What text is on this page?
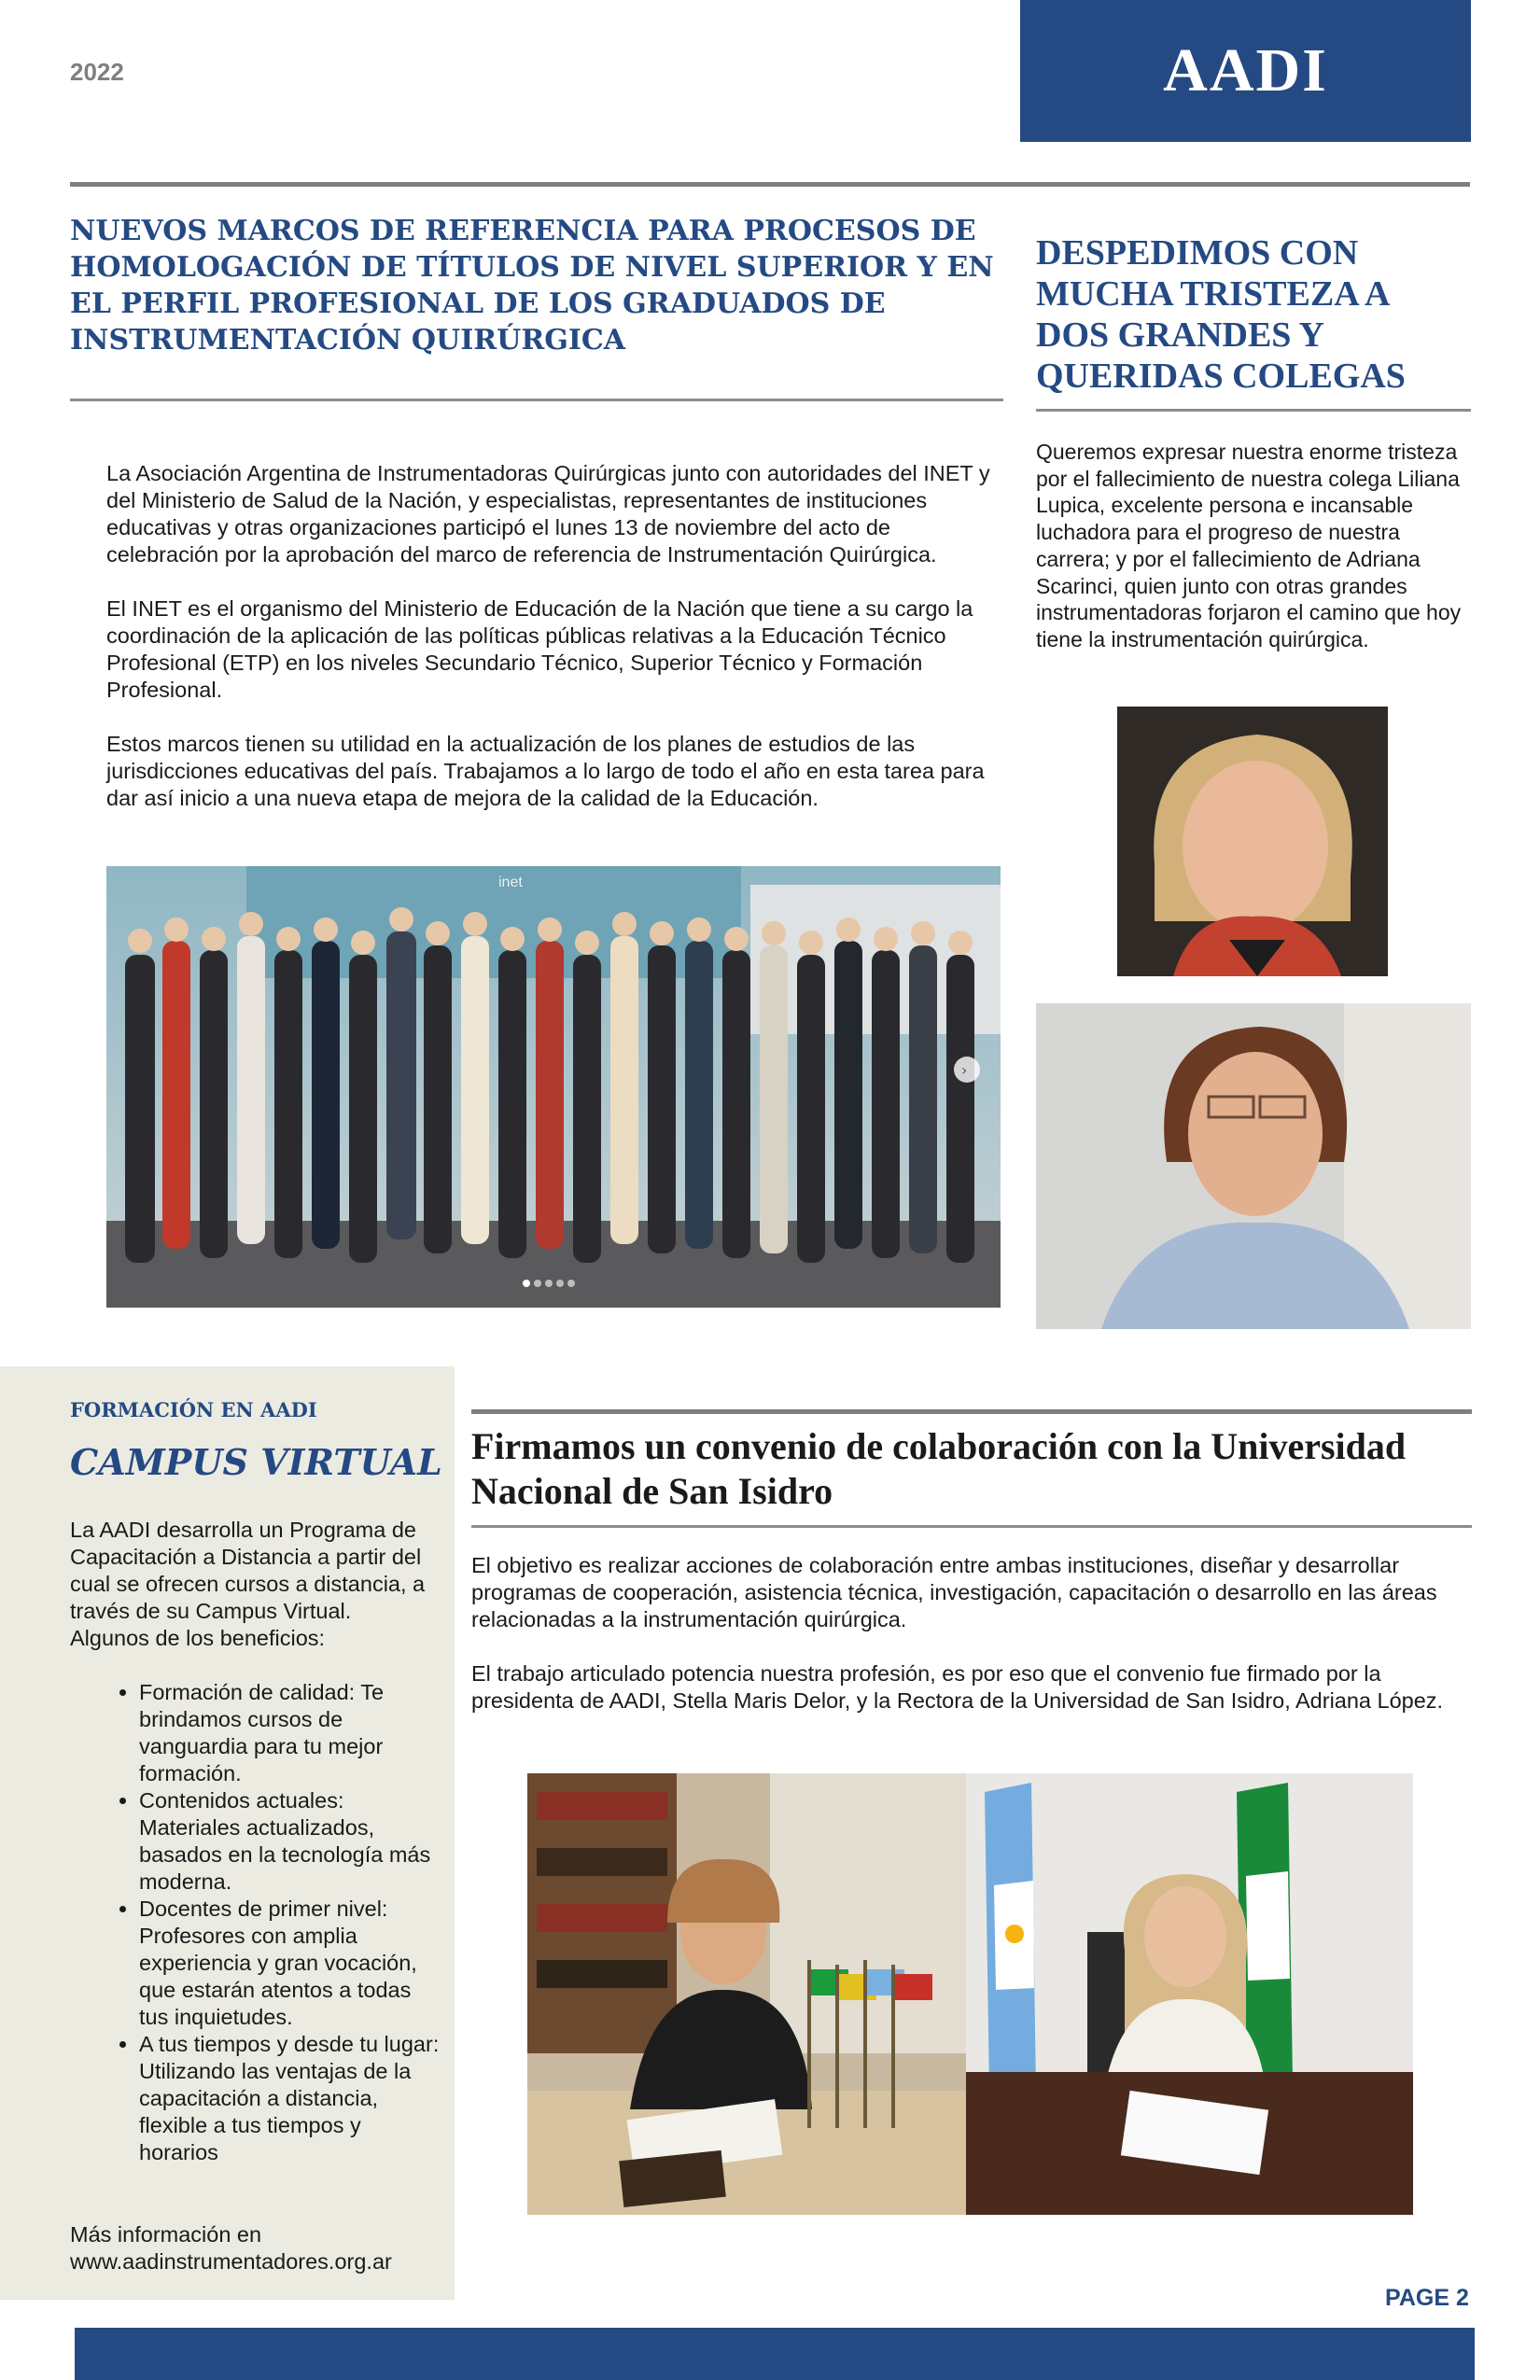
2022	AADI
NUEVOS MARCOS DE REFERENCIA PARA PROCESOS DE HOMOLOGACIÓN DE TÍTULOS DE NIVEL SUPERIOR Y EN EL PERFIL PROFESIONAL DE LOS GRADUADOS DE INSTRUMENTACIÓN QUIRÚRGICA

La Asociación Argentina de Instrumentadoras Quirúrgicas junto con autoridades del INET y del Ministerio de Salud de la Nación, y especialistas, representantes de instituciones educativas y otras organizaciones participó el lunes 13 de noviembre del acto de celebración por la aprobación del marco de referencia de Instrumentación Quirúrgica.

El INET es el organismo del Ministerio de Educación de la Nación que tiene a su cargo la coordinación de la aplicación de las políticas públicas relativas a la Educación Técnico Profesional (ETP) en los niveles Secundario Técnico, Superior Técnico y Formación Profesional.

Estos marcos tienen su utilidad en la actualización de los planes de estudios de las jurisdicciones educativas del país. Trabajamos a lo largo de todo el año en esta tarea para dar así inicio a una nueva etapa de mejora de la calidad de la Educación.

inet
›
DESPEDIMOS CON MUCHA TRISTEZA A DOS GRANDES Y QUERIDAS COLEGAS
Queremos expresar nuestra enorme tristeza por el fallecimiento de nuestra colega Liliana Lupica, excelente persona e incansable luchadora para el progreso de nuestra carrera; y por el fallecimiento de Adriana Scarinci, quien junto con otras grandes instrumentadoras forjaron el camino que hoy tiene la instrumentación quirúrgica.
FORMACIÓN EN AADI
CAMPUS VIRTUAL
La AADI desarrolla un Programa de Capacitación a Distancia a partir del cual se ofrecen cursos a distancia, a través de su Campus Virtual.
Algunos de los beneficios:
• Formación de calidad: Te brindamos cursos de vanguardia para tu mejor formación.
• Contenidos actuales: Materiales actualizados, basados en la tecnología más moderna.
• Docentes de primer nivel: Profesores con amplia experiencia y gran vocación, que estarán atentos a todas tus inquietudes.
• A tus tiempos y desde tu lugar: Utilizando las ventajas de la capacitación a distancia, flexible a tus tiempos y horarios
Más información en
www.aadinstrumentadores.org.ar
Firmamos un convenio de colaboración con la Universidad Nacional de San Isidro

El objetivo es realizar acciones de colaboración entre ambas instituciones, diseñar y desarrollar programas de cooperación, asistencia técnica, investigación, capacitación o desarrollo en las áreas relacionadas a la instrumentación quirúrgica.

El trabajo articulado potencia nuestra profesión, es por eso que el convenio fue firmado por la presidenta de AADI, Stella Maris Delor, y la Rectora de la Universidad de San Isidro, Adriana López.

PAGE 2
